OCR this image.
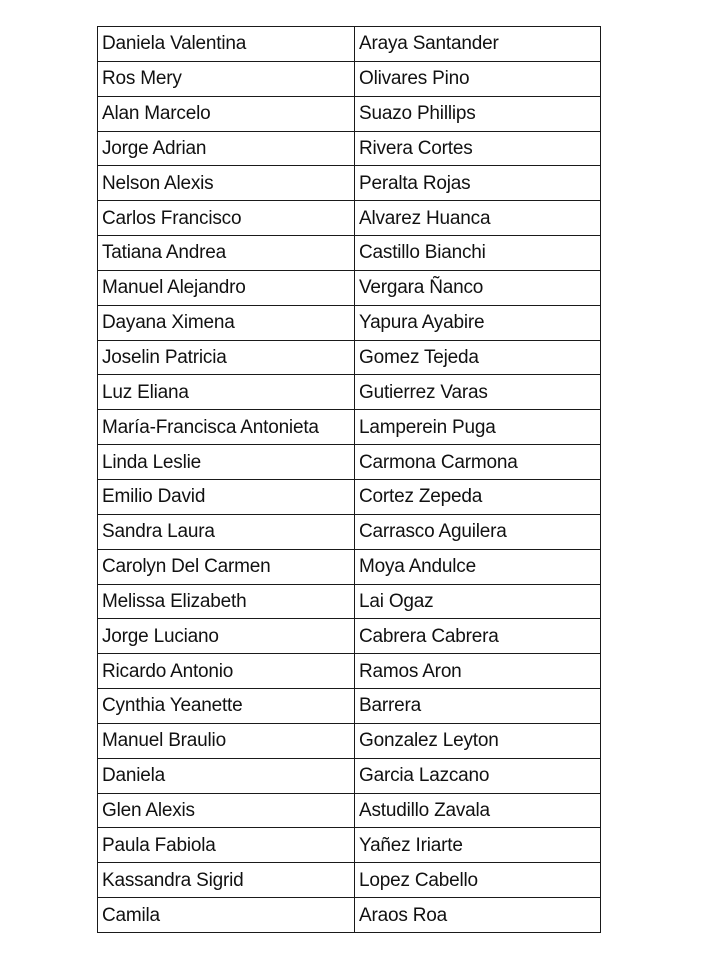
Daniela Valentina	Araya Santander
Ros Mery	Olivares Pino
Alan Marcelo	Suazo Phillips
Jorge Adrian	Rivera Cortes
Nelson Alexis	Peralta Rojas
Carlos Francisco	Alvarez Huanca
Tatiana Andrea	Castillo Bianchi
Manuel Alejandro	Vergara Ñanco
Dayana Ximena	Yapura Ayabire
Joselin Patricia	Gomez Tejeda
Luz Eliana	Gutierrez Varas
María-Francisca Antonieta	Lamperein Puga
Linda Leslie	Carmona Carmona
Emilio David	Cortez Zepeda
Sandra Laura	Carrasco Aguilera
Carolyn Del Carmen	Moya Andulce
Melissa Elizabeth	Lai Ogaz
Jorge Luciano	Cabrera Cabrera
Ricardo Antonio	Ramos Aron
Cynthia Yeanette	Barrera
Manuel Braulio	Gonzalez Leyton
Daniela	Garcia Lazcano
Glen Alexis	Astudillo Zavala
Paula Fabiola	Yañez Iriarte
Kassandra Sigrid	Lopez Cabello
Camila	Araos Roa
